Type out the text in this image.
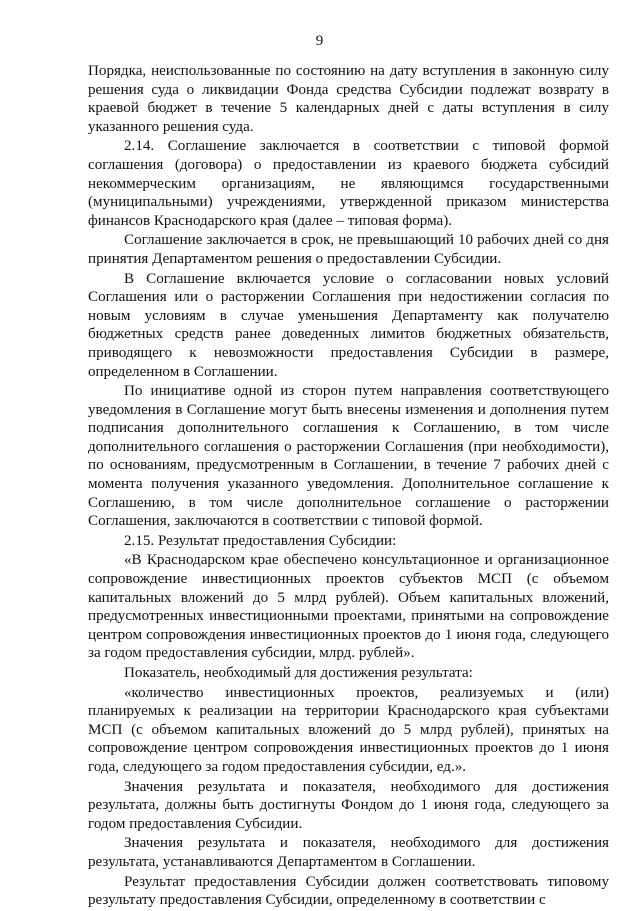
9

Порядка, неиспользованные по состоянию на дату вступления в законную силу решения суда о ликвидации Фонда средства Субсидии подлежат возврату в краевой бюджет в течение 5 календарных дней с даты вступления в силу указанного решения суда.

2.14. Соглашение заключается в соответствии с типовой формой соглашения (договора) о предоставлении из краевого бюджета субсидий некоммерческим организациям, не являющимся государственными (муниципальными) учреждениями, утвержденной приказом министерства финансов Краснодарского края (далее – типовая форма).

Соглашение заключается в срок, не превышающий 10 рабочих дней со дня принятия Департаментом решения о предоставлении Субсидии.

В Соглашение включается условие о согласовании новых условий Соглашения или о расторжении Соглашения при недостижении согласия по новым условиям в случае уменьшения Департаменту как получателю бюджетных средств ранее доведенных лимитов бюджетных обязательств, приводящего к невозможности предоставления Субсидии в размере, определенном в Соглашении.

По инициативе одной из сторон путем направления соответствующего уведомления в Соглашение могут быть внесены изменения и дополнения путем подписания дополнительного соглашения к Соглашению, в том числе дополнительного соглашения о расторжении Соглашения (при необходимости), по основаниям, предусмотренным в Соглашении, в течение 7 рабочих дней с момента получения указанного уведомления. Дополнительное соглашение к Соглашению, в том числе дополнительное соглашение о расторжении Соглашения, заключаются в соответствии с типовой формой.

2.15. Результат предоставления Субсидии:

«В Краснодарском крае обеспечено консультационное и организационное сопровождение инвестиционных проектов субъектов МСП (с объемом капитальных вложений до 5 млрд рублей). Объем капитальных вложений, предусмотренных инвестиционными проектами, принятыми на сопровождение центром сопровождения инвестиционных проектов до 1 июня года, следующего за годом предоставления субсидии, млрд. рублей».

Показатель, необходимый для достижения результата:

«количество инвестиционных проектов, реализуемых и (или) планируемых к реализации на территории Краснодарского края субъектами МСП (с объемом капитальных вложений до 5 млрд рублей), принятых на сопровождение центром сопровождения инвестиционных проектов до 1 июня года, следующего за годом предоставления субсидии, ед.».

Значения результата и показателя, необходимого для достижения результата, должны быть достигнуты Фондом до 1 июня года, следующего за годом предоставления Субсидии.

Значения результата и показателя, необходимого для достижения результата, устанавливаются Департаментом в Соглашении.

Результат предоставления Субсидии должен соответствовать типовому результату предоставления Субсидии, определенному в соответствии с
